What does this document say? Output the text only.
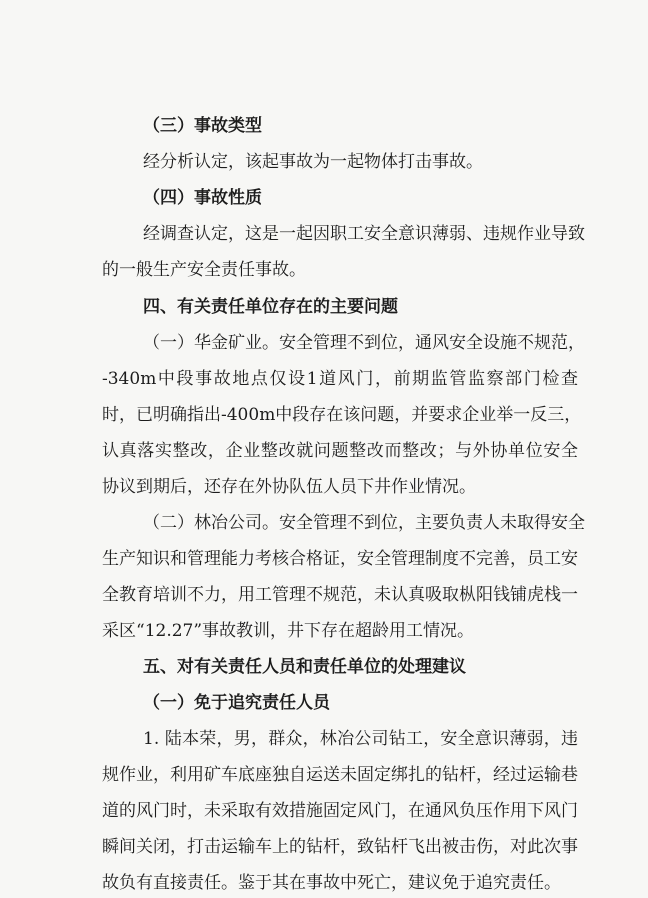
（三）事故类型
经分析认定，该起事故为一起物体打击事故。
（四）事故性质
经调查认定，这是一起因职工安全意识薄弱、违规作业导致
的一般生产安全责任事故。
四、有关责任单位存在的主要问题
（一）华金矿业。安全管理不到位，通风安全设施不规范，
-340m中段事故地点仅设1道风门，前期监管监察部门检查
时，已明确指出-400m中段存在该问题，并要求企业举一反三，
认真落实整改，企业整改就问题整改而整改；与外协单位安全
协议到期后，还存在外协队伍人员下井作业情况。
（二）林冶公司。安全管理不到位，主要负责人未取得安全
生产知识和管理能力考核合格证，安全管理制度不完善，员工安
全教育培训不力，用工管理不规范，未认真吸取枞阳钱铺虎栈一
采区“12.27”事故教训，井下存在超龄用工情况。
五、对有关责任人员和责任单位的处理建议
（一）免于追究责任人员
1. 陆本荣，男，群众，林冶公司钻工，安全意识薄弱，违
规作业，利用矿车底座独自运送未固定绑扎的钻杆，经过运输巷
道的风门时，未采取有效措施固定风门，在通风负压作用下风门
瞬间关闭，打击运输车上的钻杆，致钻杆飞出被击伤，对此次事
故负有直接责任。鉴于其在事故中死亡，建议免于追究责任。
